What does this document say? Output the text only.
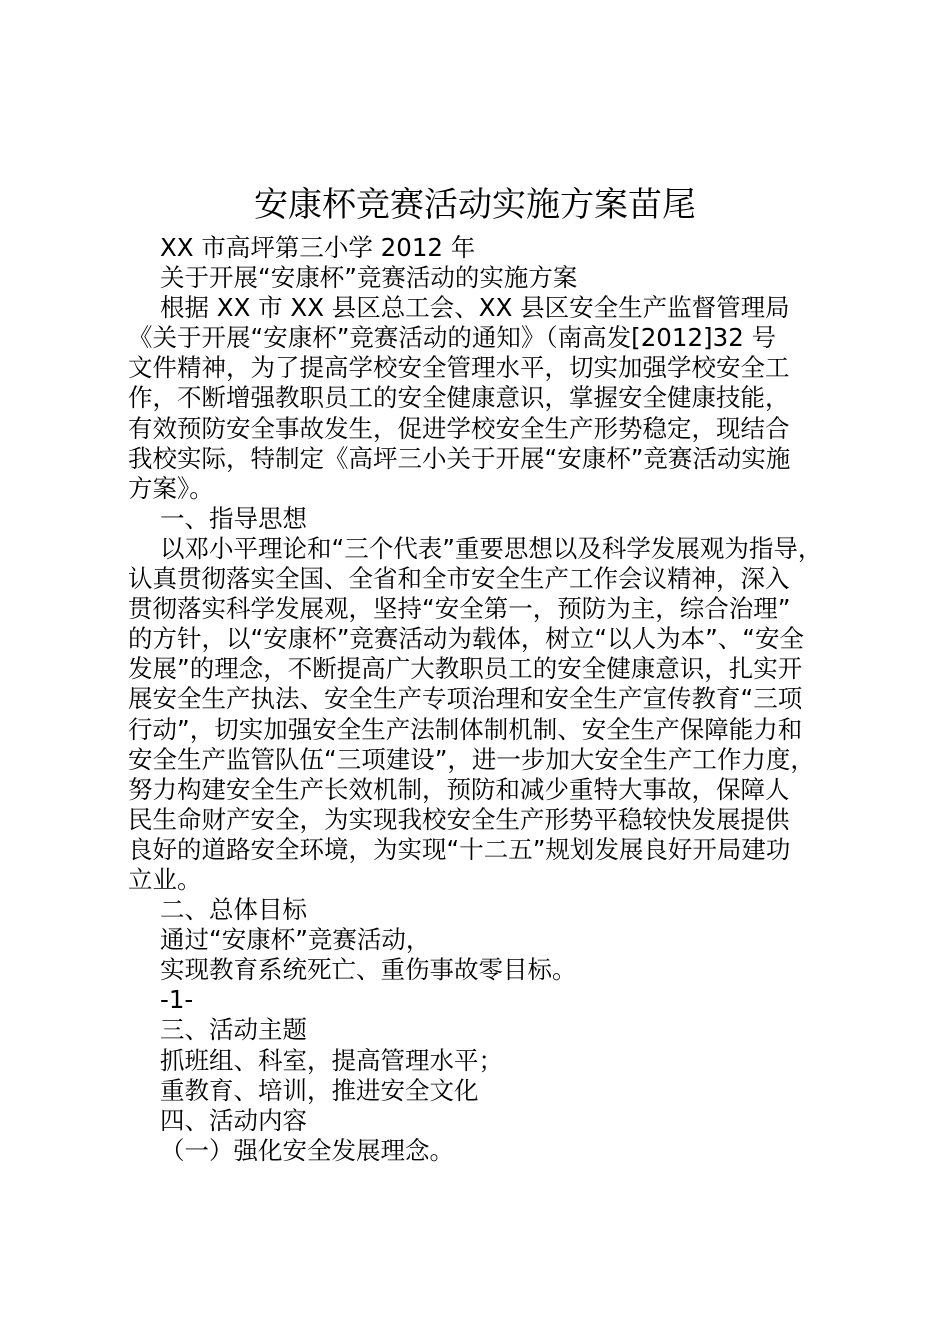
安康杯竞赛活动实施方案苗尾
XX 市高坪第三小学 2012 年
关于开展“安康杯”竞赛活动的实施方案
根据 XX 市 XX 县区总工会、XX 县区安全生产监督管理局
《关于开展“安康杯”竞赛活动的通知》（南高发[2012]32 号
文件精神，为了提高学校安全管理水平，切实加强学校安全工
作，不断增强教职员工的安全健康意识，掌握安全健康技能，
有效预防安全事故发生，促进学校安全生产形势稳定，现结合
我校实际，特制定《高坪三小关于开展“安康杯”竞赛活动实施
方案》。
一、指导思想
以邓小平理论和“三个代表”重要思想以及科学发展观为指导，
认真贯彻落实全国、全省和全市安全生产工作会议精神，深入
贯彻落实科学发展观，坚持“安全第一，预防为主，综合治理”
的方针，以“安康杯”竞赛活动为载体，树立“以人为本”、“安全
发展”的理念，不断提高广大教职员工的安全健康意识，扎实开
展安全生产执法、安全生产专项治理和安全生产宣传教育“三项
行动”，切实加强安全生产法制体制机制、安全生产保障能力和
安全生产监管队伍“三项建设”，进一步加大安全生产工作力度，
努力构建安全生产长效机制，预防和减少重特大事故，保障人
民生命财产安全，为实现我校安全生产形势平稳较快发展提供
良好的道路安全环境，为实现“十二五”规划发展良好开局建功
立业。
二、总体目标
通过“安康杯”竞赛活动，
实现教育系统死亡、重伤事故零目标。
-1-
三、活动主题
抓班组、科室，提高管理水平；
重教育、培训，推进安全文化
四、活动内容
（一）强化安全发展理念。
